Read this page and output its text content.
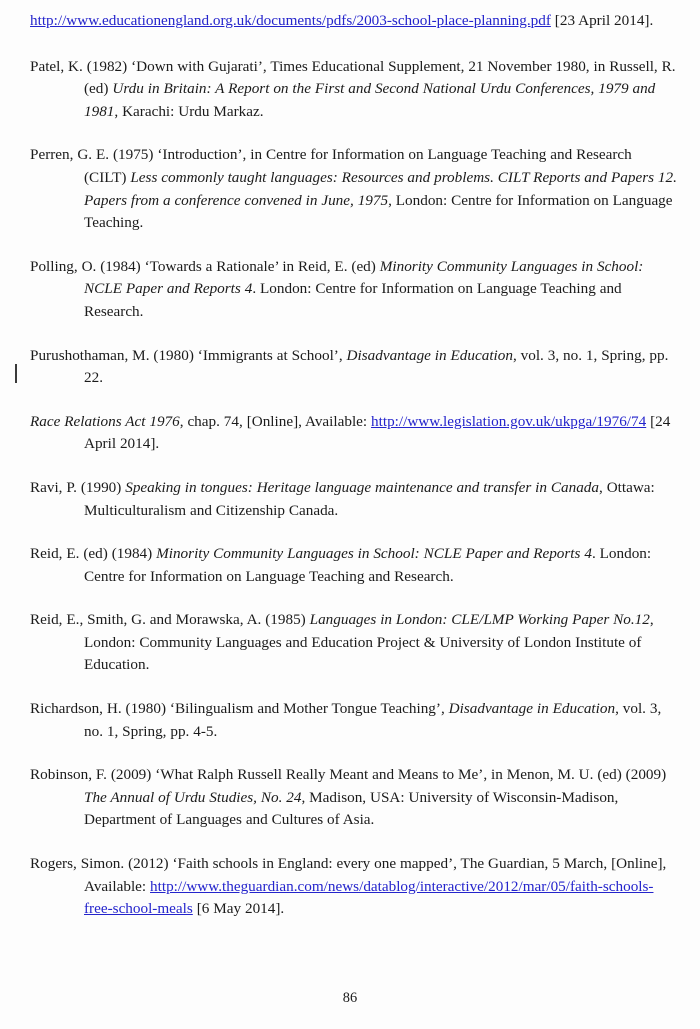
http://www.educationengland.org.uk/documents/pdfs/2003-school-place-planning.pdf [23 April 2014].
Patel, K. (1982) ‘Down with Gujarati’, Times Educational Supplement, 21 November 1980, in Russell, R. (ed) Urdu in Britain: A Report on the First and Second National Urdu Conferences, 1979 and 1981, Karachi: Urdu Markaz.
Perren, G. E. (1975) ‘Introduction’, in Centre for Information on Language Teaching and Research (CILT) Less commonly taught languages: Resources and problems. CILT Reports and Papers 12. Papers from a conference convened in June, 1975, London: Centre for Information on Language Teaching.
Polling, O. (1984) ‘Towards a Rationale’ in Reid, E. (ed) Minority Community Languages in School: NCLE Paper and Reports 4. London: Centre for Information on Language Teaching and Research.
Purushothaman, M. (1980) ‘Immigrants at School’, Disadvantage in Education, vol. 3, no. 1, Spring, pp. 22.
Race Relations Act 1976, chap. 74, [Online], Available: http://www.legislation.gov.uk/ukpga/1976/74 [24 April 2014].
Ravi, P. (1990) Speaking in tongues: Heritage language maintenance and transfer in Canada, Ottawa: Multiculturalism and Citizenship Canada.
Reid, E. (ed) (1984) Minority Community Languages in School: NCLE Paper and Reports 4. London: Centre for Information on Language Teaching and Research.
Reid, E., Smith, G. and Morawska, A. (1985) Languages in London: CLE/LMP Working Paper No.12, London: Community Languages and Education Project & University of London Institute of Education.
Richardson, H. (1980) ‘Bilingualism and Mother Tongue Teaching’, Disadvantage in Education, vol. 3, no. 1, Spring, pp. 4-5.
Robinson, F. (2009) ‘What Ralph Russell Really Meant and Means to Me’, in Menon, M. U. (ed) (2009) The Annual of Urdu Studies, No. 24, Madison, USA: University of Wisconsin-Madison, Department of Languages and Cultures of Asia.
Rogers, Simon. (2012) ‘Faith schools in England: every one mapped’, The Guardian, 5 March, [Online], Available: http://www.theguardian.com/news/datablog/interactive/2012/mar/05/faith-schools-free-school-meals [6 May 2014].
86
